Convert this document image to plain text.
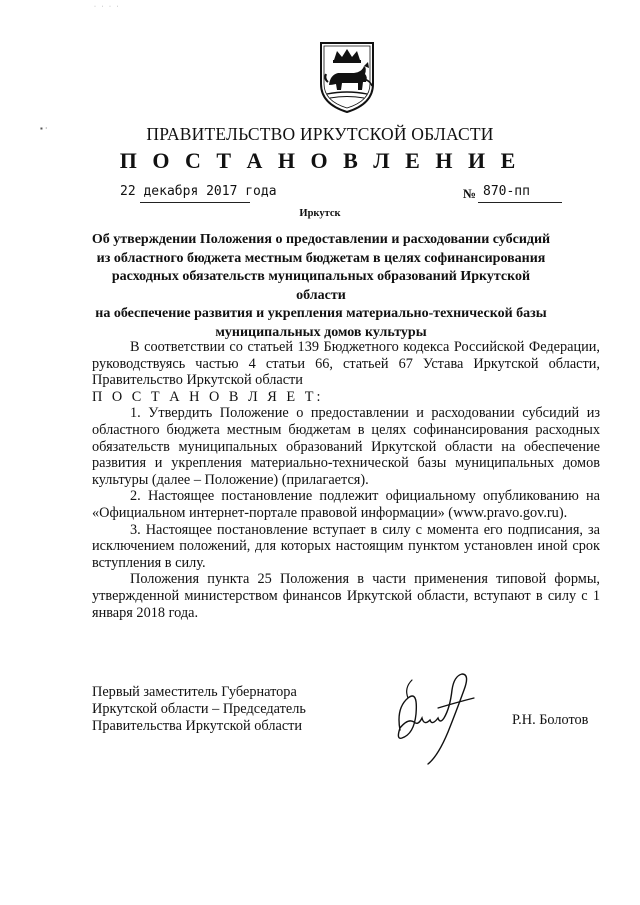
· · · ·
▪ ·	ПРАВИТЕЛЬСТВО ИРКУТСКОЙ ОБЛАСТИ
П О С Т А Н О В Л Е Н И Е
22 декабря 2017 года	№ 870-пп
Иркутск
Об утверждении Положения о предоставлении и расходовании субсидий
из областного бюджета местным бюджетам в целях софинансирования
расходных обязательств муниципальных образований Иркутской области
на обеспечение развития и укрепления материально-технической базы
муниципальных домов культуры

В соответствии со статьей 139 Бюджетного кодекса Российской Федерации, руководствуясь частью 4 статьи 66, статьей 67 Устава Иркутской области, Правительство Иркутской области

П О С Т А Н О В Л Я Е Т:

1. Утвердить Положение о предоставлении и расходовании субсидий из областного бюджета местным бюджетам в целях софинансирования расходных обязательств муниципальных образований Иркутской области на обеспечение развития и укрепления материально-технической базы муниципальных домов культуры (далее – Положение) (прилагается).

2. Настоящее постановление подлежит официальному опубликованию на «Официальном интернет-портале правовой информации» (www.pravo.gov.ru).

3. Настоящее постановление вступает в силу с момента его подписания, за исключением положений, для которых настоящим пунктом установлен иной срок вступления в силу.

Положения пункта 25 Положения в части применения типовой формы, утвержденной министерством финансов Иркутской области, вступают в силу с 1 января 2018 года.

Первый заместитель Губернатора
Иркутской области – Председатель
Правительства Иркутской области	Р.Н. Болотов
